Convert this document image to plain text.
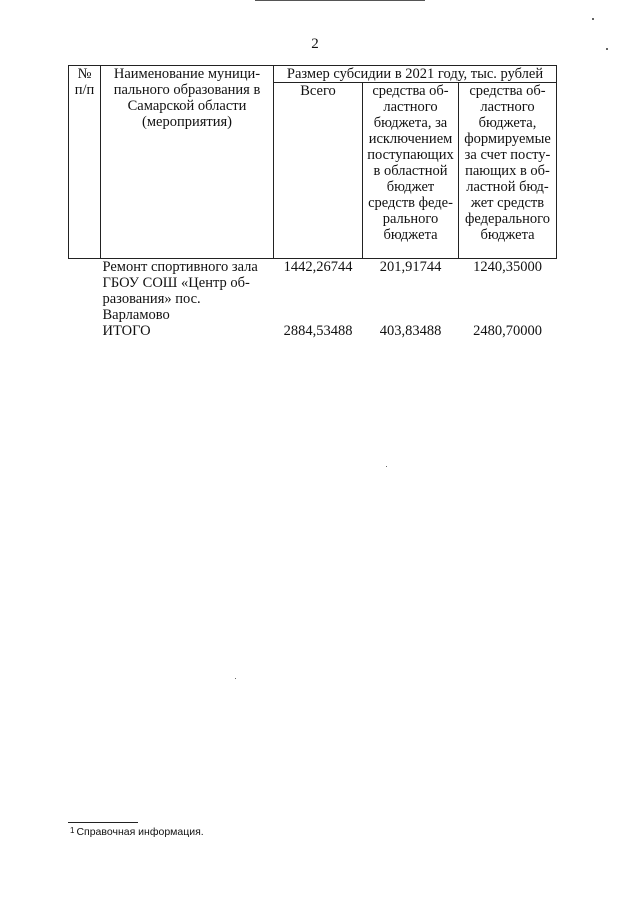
2
№ п/п	Наименование муници-пального образования в Самарской области (мероприятия)	Размер субсидии в 2021 году, тыс. рублей		
		Всего	средства об-ластного бюджета, за исключением поступающих в областной бюджет средств феде-рального бюджета	средства об-ластного бюджета, формируемые за счет посту-пающих в об-ластной бюд-жет средств федерального бюджета
	Ремонт спортивного зала ГБОУ СОШ «Центр об-разования» пос. Варламово	1442,26744	201,91744	1240,35000
	ИТОГО	2884,53488	403,83488	2480,70000
$^1$ Справочная информация.
